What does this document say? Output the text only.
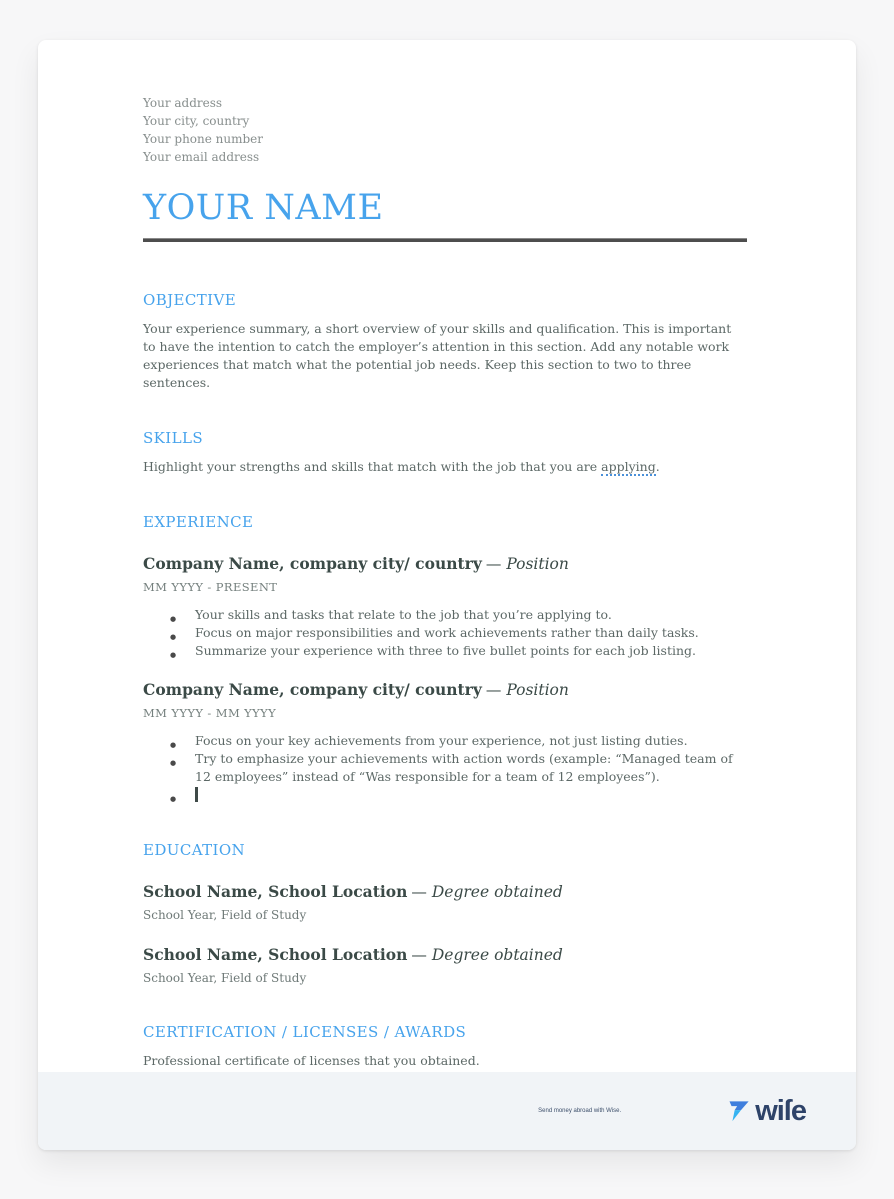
Your address
Your city, country
Your phone number
Your email address
YOUR NAME
OBJECTIVE

Your experience summary, a short overview of your skills and qualification. This is important to have the intention to catch the employer’s attention in this section. Add any notable work experiences that match what the potential job needs. Keep this section to two to three sentences.

SKILLS

Highlight your strengths and skills that match with the job that you are applying.

EXPERIENCE
Company Name, company city/ country — Position
MM YYYY - PRESENT
● Your skills and tasks that relate to the job that you’re applying to.
● Focus on major responsibilities and work achievements rather than daily tasks.
● Summarize your experience with three to five bullet points for each job listing.
Company Name, company city/ country — Position
MM YYYY - MM YYYY
● Focus on your key achievements from your experience, not just listing duties.
● Try to emphasize your achievements with action words (example: “Managed team of 12 employees” instead of “Was responsible for a team of 12 employees”).
●
EDUCATION
School Name, School Location — Degree obtained
School Year, Field of Study
School Name, School Location — Degree obtained
School Year, Field of Study
CERTIFICATION / LICENSES / AWARDS

Professional certificate of licenses that you obtained.

Send money abroad with Wise.	wiſe
